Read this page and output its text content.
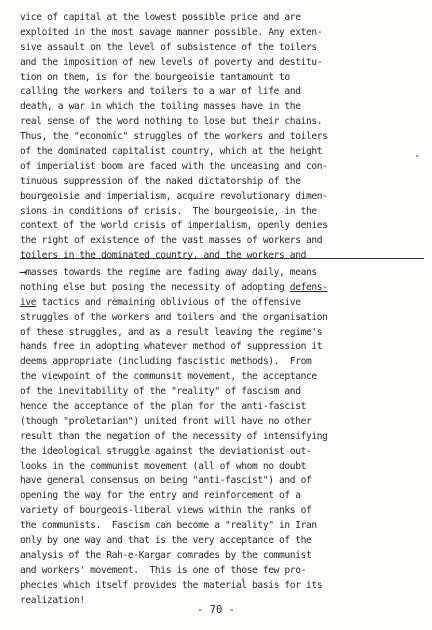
vice of capital at the lowest possible price and are
exploited in the most savage manner possible. Any exten-
sive assault on the level of subsistence of the toilers
and the imposition of new levels of poverty and destitu-
tion on them, is for the bourgeoisie tantamount to
calling the workers and toilers to a war of life and
death, a war in which the toiling masses have in the
real sense of the word nothing to lose but their chains.
Thus, the "economic" struggles of the workers and toilers
of the dominated capitalist country, which at the height
of imperialist boom are faced with the unceasing and con-
tinuous suppression of the naked dictatorship of the
bourgeoisie and imperialism, acquire revolutionary dimen-
sions in conditions of crisis.  The bourgeoisie, in the
context of the world crisis of imperialism, openly denies
the right of existence of the vast masses of workers and
toilers in the dominated country, and the workers and
⟶masses towards the regime are fading away daily, means
nothing else but posing the necessity of adopting defens-
ive tactics and remaining oblivious of the offensive
struggles of the workers and toilers and the organisation
of these struggles, and as a result leaving the regime's
hands free in adopting whatever method of suppression it
deems appropriate (including fascistic methods).  From
the viewpoint of the communsit movement, the acceptance
of the inevitability of the "reality" of fascism and
hence the acceptance of the plan for the anti-fascist
(though "proletarian") united front will have no other
result than the negation of the necessity of intensifying
the ideological struggle against the deviationist out-
looks in the communist movement (all of whom no doubt
have general consensus on being "anti-fascist") and of
opening the way for the entry and reinforcement of a
variety of bourgeois-liberal views within the ranks of
the communists.  Fascism can become a "reality" in Iran
only by one way and that is the very acceptance of the
analysis of the Rah-e-Kargar comrades by the communist
and workers' movement.  This is one of those few pro-
phecies which itself provides the material basis for its
realization!
- 70 -
